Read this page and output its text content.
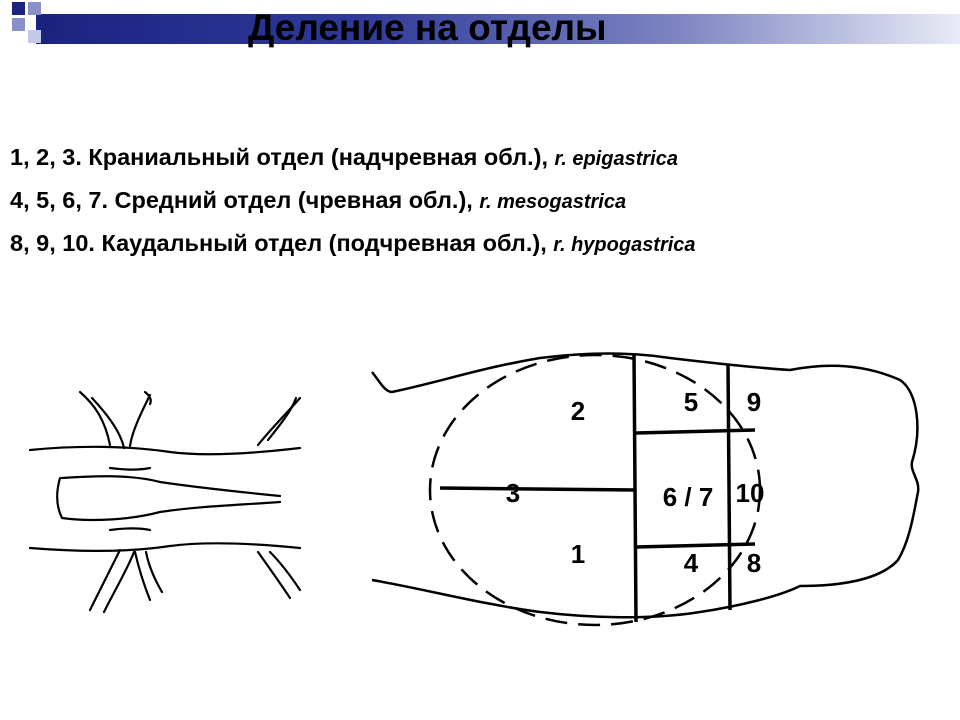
Деление на отделы
1, 2, 3. Краниальный отдел (надчревная обл.), r. epigastrica
4, 5, 6, 7. Средний отдел (чревная обл.), r. mesogastrica
8, 9, 10. Каудальный отдел (подчревная обл.), r. hypogastrica
2
3
1
5
6 / 7
4
9
10
8
